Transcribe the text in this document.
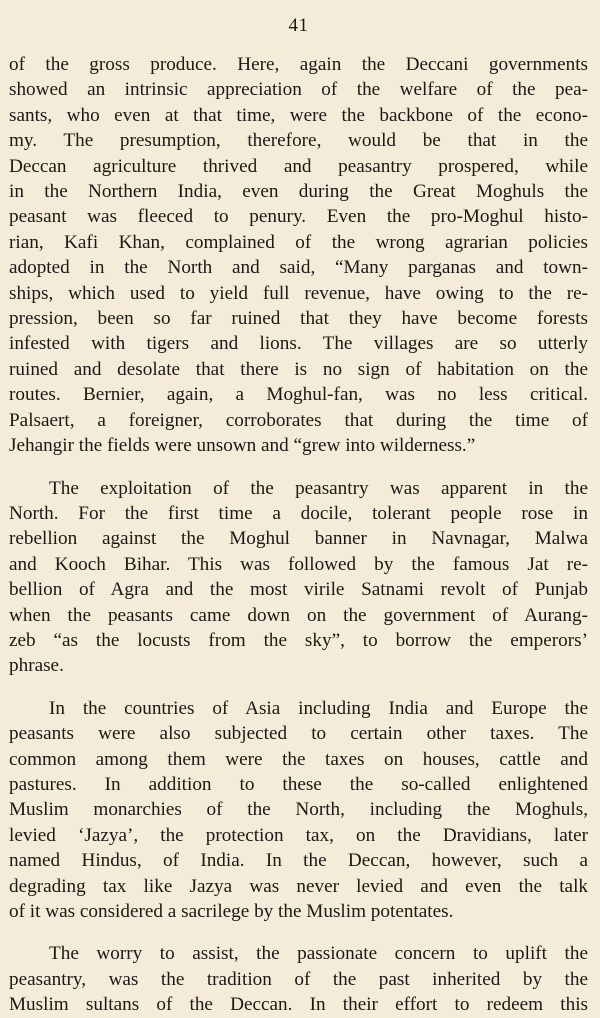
41
of the gross produce. Here, again the Deccani governments
showed an intrinsic appreciation of the welfare of the pea-
sants, who even at that time, were the backbone of the econo-
my. The presumption, therefore, would be that in the
Deccan agriculture thrived and peasantry prospered, while
in the Northern India, even during the Great Moghuls the
peasant was fleeced to penury. Even the pro-Moghul histo-
rian, Kafi Khan, complained of the wrong agrarian policies
adopted in the North and said, “Many parganas and town-
ships, which used to yield full revenue, have owing to the re-
pression, been so far ruined that they have become forests
infested with tigers and lions. The villages are so utterly
ruined and desolate that there is no sign of habitation on the
routes. Bernier, again, a Moghul-fan, was no less critical.
Palsaert, a foreigner, corroborates that during the time of
Jehangir the fields were unsown and “grew into wilderness.”
The exploitation of the peasantry was apparent in the
North. For the first time a docile, tolerant people rose in
rebellion against the Moghul banner in Navnagar, Malwa
and Kooch Bihar. This was followed by the famous Jat re-
bellion of Agra and the most virile Satnami revolt of Punjab
when the peasants came down on the government of Aurang-
zeb “as the locusts from the sky”, to borrow the emperors’
phrase.
In the countries of Asia including India and Europe the
peasants were also subjected to certain other taxes. The
common among them were the taxes on houses, cattle and
pastures. In addition to these the so-called enlightened
Muslim monarchies of the North, including the Moghuls,
levied ‘Jazya’, the protection tax, on the Dravidians, later
named Hindus, of India. In the Deccan, however, such a
degrading tax like Jazya was never levied and even the talk
of it was considered a sacrilege by the Muslim potentates.
The worry to assist, the passionate concern to uplift the
peasantry, was the tradition of the past inherited by the
Muslim sultans of the Deccan. In their effort to redeem this
